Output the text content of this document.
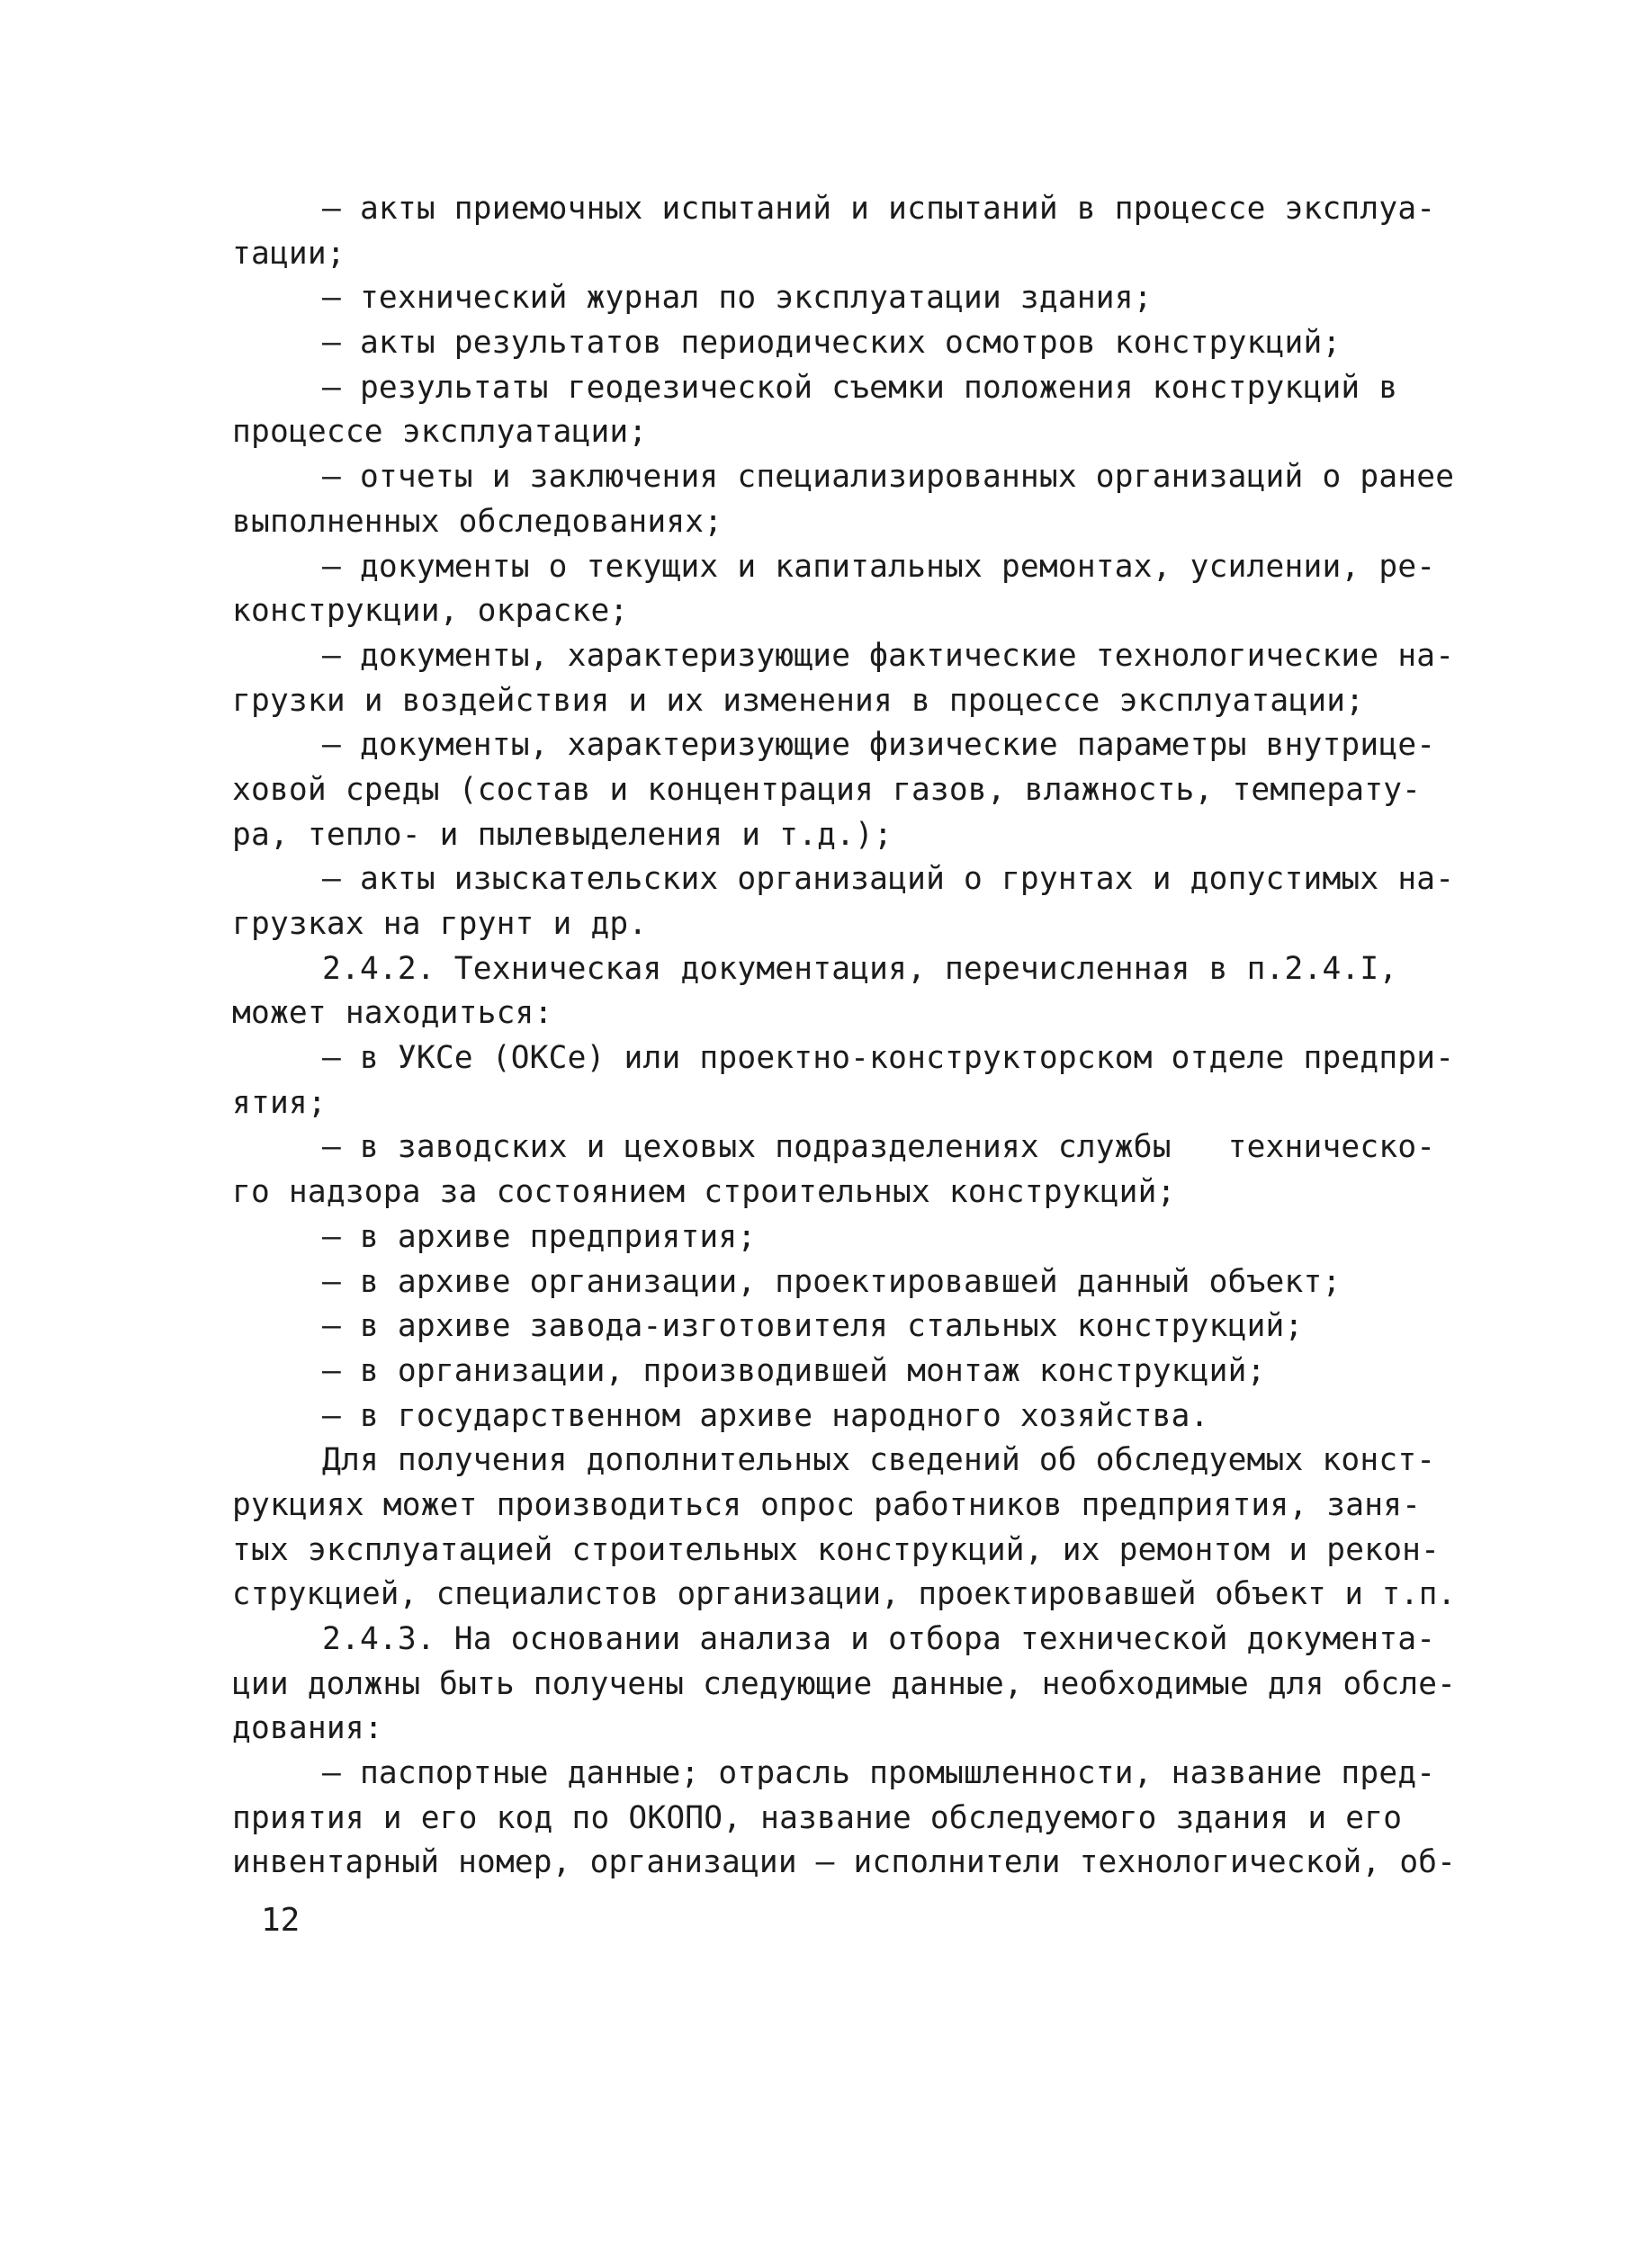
– акты приемочных испытаний и испытаний в процессе эксплуа-
тации;
– технический журнал по эксплуатации здания;
– акты результатов периодических осмотров конструкций;
– результаты геодезической съемки положения конструкций в
процессе эксплуатации;
– отчеты и заключения специализированных организаций о ранее
выполненных обследованиях;
– документы о текущих и капитальных ремонтах, усилении, ре-
конструкции, окраске;
– документы, характеризующие фактические технологические на-
грузки и воздействия и их изменения в процессе эксплуатации;
– документы, характеризующие физические параметры внутрице-
ховой среды (состав и концентрация газов, влажность, температу-
ра, тепло- и пылевыделения и т.д.);
– акты изыскательских организаций о грунтах и допустимых на-
грузках на грунт и др.
2.4.2. Техническая документация, перечисленная в п.2.4.I,
может находиться:
– в УКСе (ОКСе) или проектно-конструкторском отделе предпри-
ятия;
– в заводских и цеховых подразделениях службы   техническо-
го надзора за состоянием строительных конструкций;
– в архиве предприятия;
– в архиве организации, проектировавшей данный объект;
– в архиве завода-изготовителя стальных конструкций;
– в организации, производившей монтаж конструкций;
– в государственном архиве народного хозяйства.
Для получения дополнительных сведений об обследуемых конст-
рукциях может производиться опрос работников предприятия, заня-
тых эксплуатацией строительных конструкций, их ремонтом и рекон-
струкцией, специалистов организации, проектировавшей объект и т.п.
2.4.3. На основании анализа и отбора технической документа-
ции должны быть получены следующие данные, необходимые для обсле-
дования:
– паспортные данные; отрасль промышленности, название пред-
приятия и его код по ОКОПО, название обследуемого здания и его
инвентарный номер, организации – исполнители технологической, об-
12
